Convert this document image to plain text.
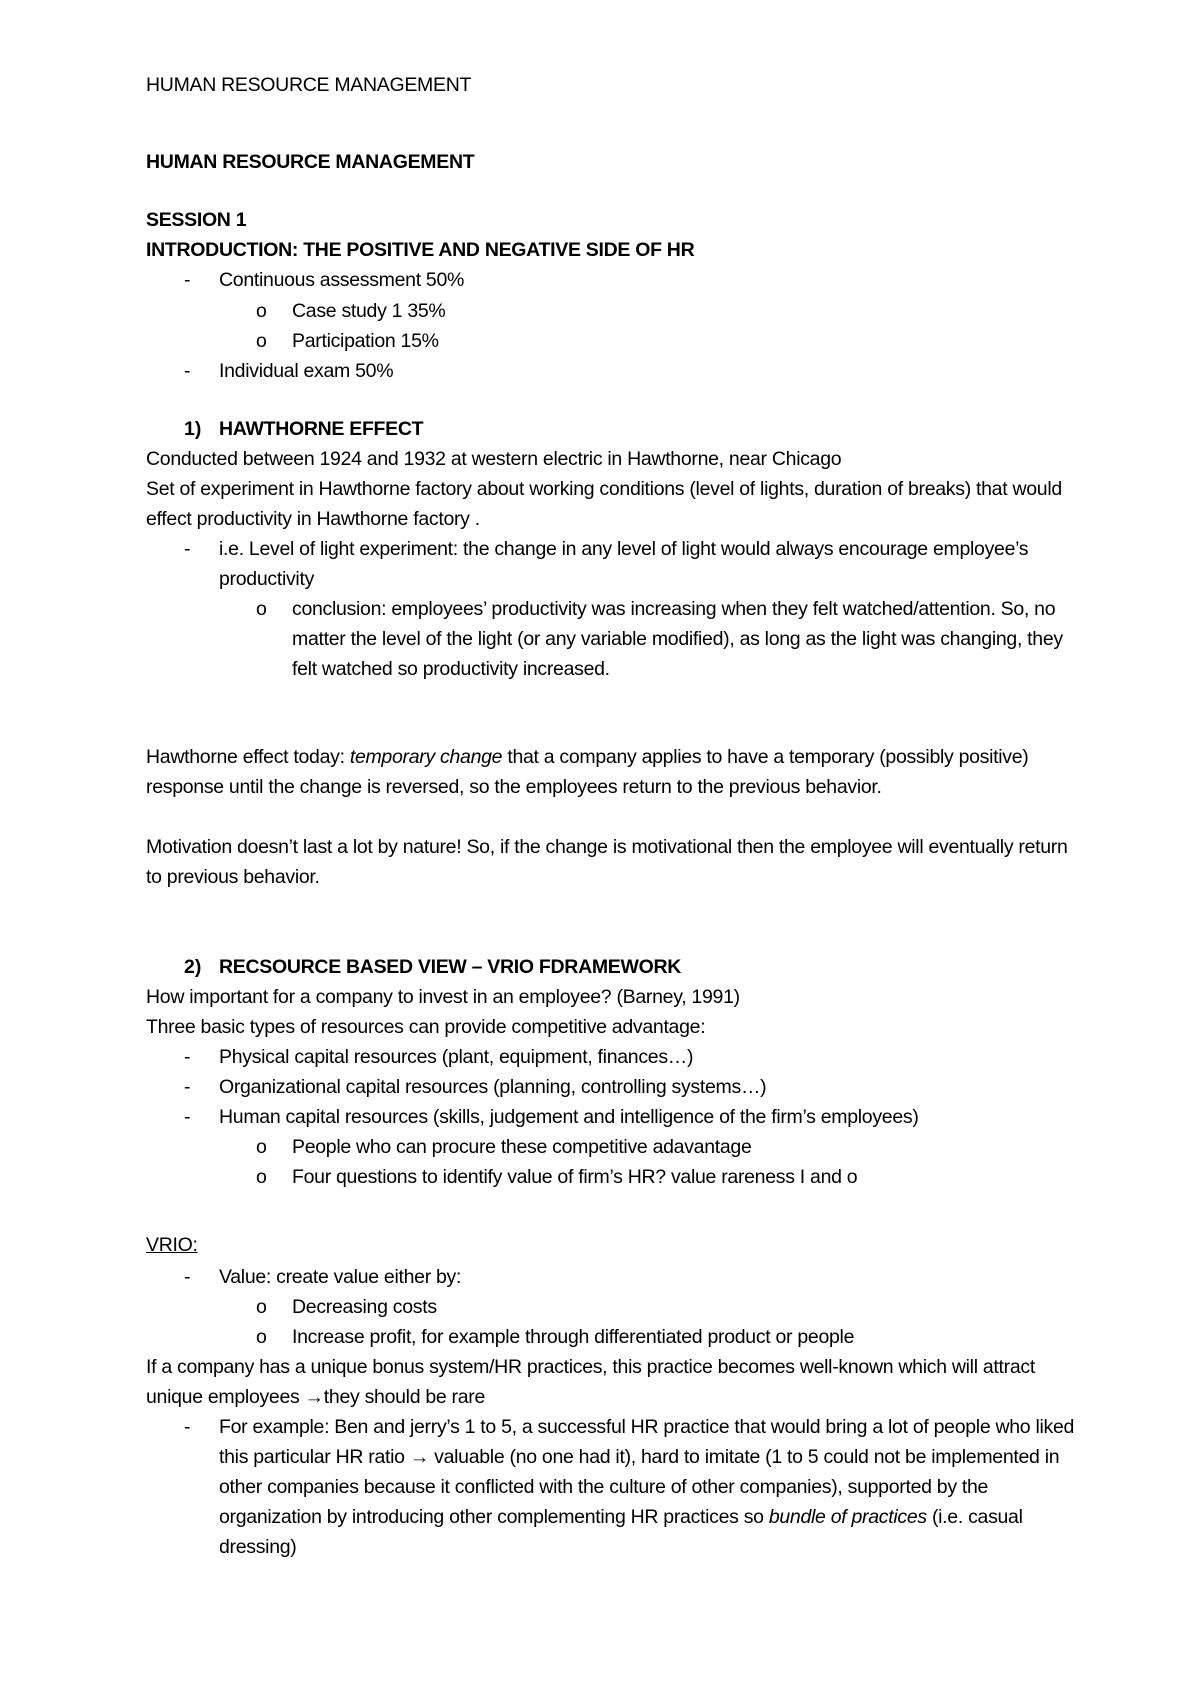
HUMAN RESOURCE MANAGEMENT
HUMAN RESOURCE MANAGEMENT
SESSION 1
INTRODUCTION: THE POSITIVE AND NEGATIVE SIDE OF HR
- Continuous assessment 50%
o Case study 1 35%
o Participation 15%
- Individual exam 50%
1) HAWTHORNE EFFECT
Conducted between 1924 and 1932 at western electric in Hawthorne, near Chicago
Set of experiment in Hawthorne factory about working conditions (level of lights, duration of breaks) that would effect productivity in Hawthorne factory .
- i.e. Level of light experiment: the change in any level of light would always encourage employee’s productivity
o conclusion: employees’ productivity was increasing when they felt watched/attention. So, no matter the level of the light (or any variable modified), as long as the light was changing, they felt watched so productivity increased.
Hawthorne effect today: temporary change that a company applies to have a temporary (possibly positive) response until the change is reversed, so the employees return to the previous behavior.
Motivation doesn’t last a lot by nature! So, if the change is motivational then the employee will eventually return to previous behavior.
2) RECSOURCE BASED VIEW – VRIO FDRAMEWORK
How important for a company to invest in an employee? (Barney, 1991)
Three basic types of resources can provide competitive advantage:
- Physical capital resources (plant, equipment, finances…)
- Organizational capital resources (planning, controlling systems…)
- Human capital resources (skills, judgement and intelligence of the firm’s employees)
o People who can procure these competitive adavantage
o Four questions to identify value of firm’s HR? value rareness I and o
VRIO:
- Value: create value either by:
o Decreasing costs
o Increase profit, for example through differentiated product or people
If a company has a unique bonus system/HR practices, this practice becomes well-known which will attract unique employees →they should be rare
- For example: Ben and jerry’s 1 to 5, a successful HR practice that would bring a lot of people who liked this particular HR ratio → valuable (no one had it), hard to imitate (1 to 5 could not be implemented in other companies because it conflicted with the culture of other companies), supported by the organization by introducing other complementing HR practices so bundle of practices (i.e. casual dressing)
